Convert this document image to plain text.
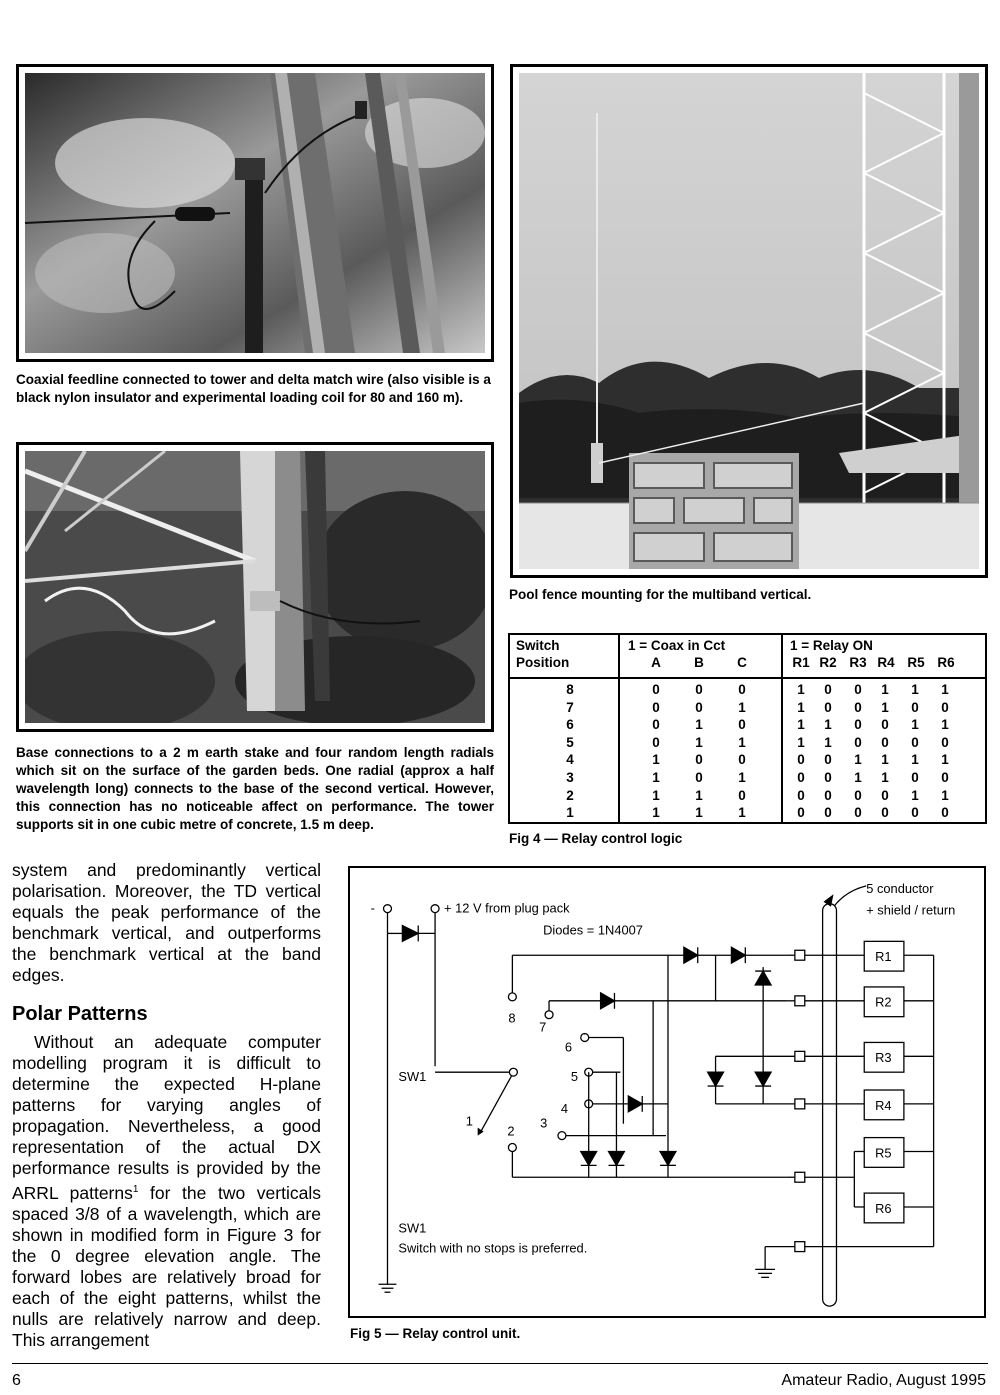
Coaxial feedline connected to tower and delta match wire (also visible is a black nylon insulator and experimental loading coil for 80 and 160 m).
Base connections to a 2 m earth stake and four random length radials which sit on the surface of the garden beds. One radial (approx a half wavelength long) connects to the base of the second vertical. However, this connection has no noticeable affect on performance. The tower supports sit in one cubic metre of concrete, 1.5 m deep.
Pool fence mounting for the multiband vertical.
Switch
Position
1 = Coax in Cct	1 = Relay ON
A	B	C	R1 R2 R3 R4 R5 R6
8	0	0	0	1	0	0	1	1	1
7	0	0	1	1	0	0	1	0	0
6	0	1	0	1	1	0	0	1	1
5	0	1	1	1	1	0	0	0	0
4	1	0	0	0	0	1	1	1	1
3	1	0	1	0	0	1	1	0	0
2	1	1	0	0	0	0	0	1	1
1	1	1	1	0	0	0	0	0	0
Fig 4 — Relay control logic
system and predominantly vertical polarisation. Moreover, the TD vertical equals the peak performance of the benchmark vertical, and outperforms the benchmark vertical at the band edges.
Polar Patterns
Without an adequate computer modelling program it is difficult to determine the expected H-plane patterns for varying angles of propagation. Nevertheless, a good representation of the actual DX performance results is provided by the ARRL patterns$^1$ for the two verticals spaced 3/8 of a wavelength, which are shown in modified form in Figure 3 for the 0 degree elevation angle. The forward lobes are relatively broad for each of the eight patterns, whilst the nulls are relatively narrow and deep. This arrangement
-	+ 12 V from plug pack
Diodes = 1N4007
5 conductor
+ shield / return
SW1
1
2
3
4
5
6
7
8
R1
R2
R3
R4
R5
R6
SW1
Switch with no stops is preferred.
Fig 5 — Relay control unit.
6	Amateur Radio, August 1995
